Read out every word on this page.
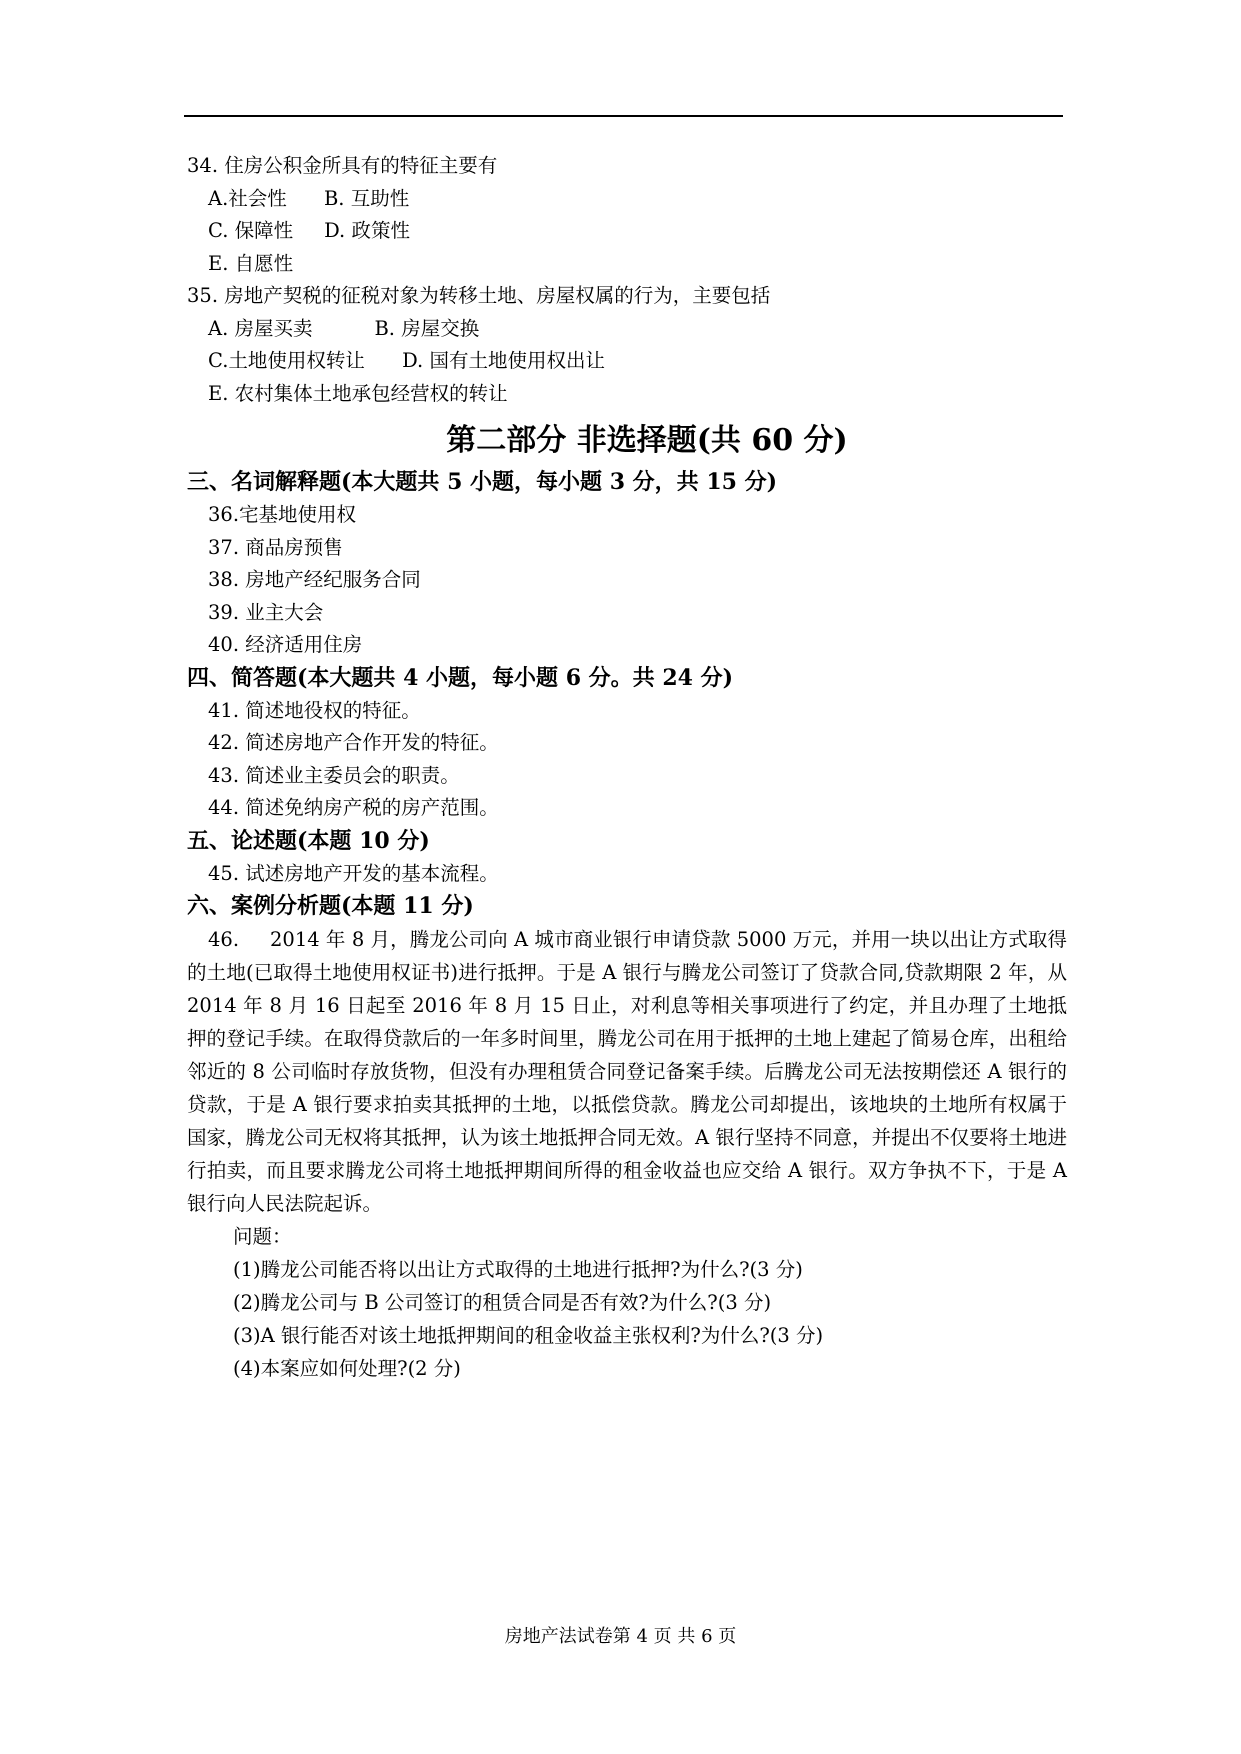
34. 住房公积金所具有的特征主要有
A.社会性      B. 互助性
C. 保障性     D. 政策性
E. 自愿性
35. 房地产契税的征税对象为转移土地、房屋权属的行为，主要包括
A. 房屋买卖          B. 房屋交换
C.土地使用权转让      D. 国有土地使用权出让
E. 农村集体土地承包经营权的转让
第二部分 非选择题(共 60 分)
三、名词解释题(本大题共 5 小题，每小题 3 分，共 15 分)
36.宅基地使用权
37. 商品房预售
38. 房地产经纪服务合同
39. 业主大会
40. 经济适用住房
四、简答题(本大题共 4 小题，每小题 6 分。共 24 分)
41. 简述地役权的特征。
42. 简述房地产合作开发的特征。
43. 简述业主委员会的职责。
44. 简述免纳房产税的房产范围。
五、论述题(本题 10 分)
45. 试述房地产开发的基本流程。
六、案例分析题(本题 11 分)

46. 2014 年 8 月，腾龙公司向 A 城市商业银行申请贷款 5000 万元，并用一块以出让方式取得的土地(已取得土地使用权证书)进行抵押。于是 A 银行与腾龙公司签订了贷款合同,贷款期限 2 年，从 2014 年 8 月 16 日起至 2016 年 8 月 15 日止，对利息等相关事项进行了约定，并且办理了土地抵押的登记手续。在取得贷款后的一年多时间里，腾龙公司在用于抵押的土地上建起了简易仓库，出租给邻近的 8 公司临时存放货物，但没有办理租赁合同登记备案手续。后腾龙公司无法按期偿还 A 银行的贷款，于是 A 银行要求拍卖其抵押的土地，以抵偿贷款。腾龙公司却提出，该地块的土地所有权属于国家，腾龙公司无权将其抵押，认为该土地抵押合同无效。A 银行坚持不同意，并提出不仅要将土地进行拍卖，而且要求腾龙公司将土地抵押期间所得的租金收益也应交给 A 银行。双方争执不下，于是 A 银行向人民法院起诉。

问题：
(1)腾龙公司能否将以出让方式取得的土地进行抵押?为什么?(3 分)
(2)腾龙公司与 B 公司签订的租赁合同是否有效?为什么?(3 分)
(3)A 银行能否对该土地抵押期间的租金收益主张权利?为什么?(3 分)
(4)本案应如何处理?(2 分)
房地产法试卷第 4 页 共 6 页
